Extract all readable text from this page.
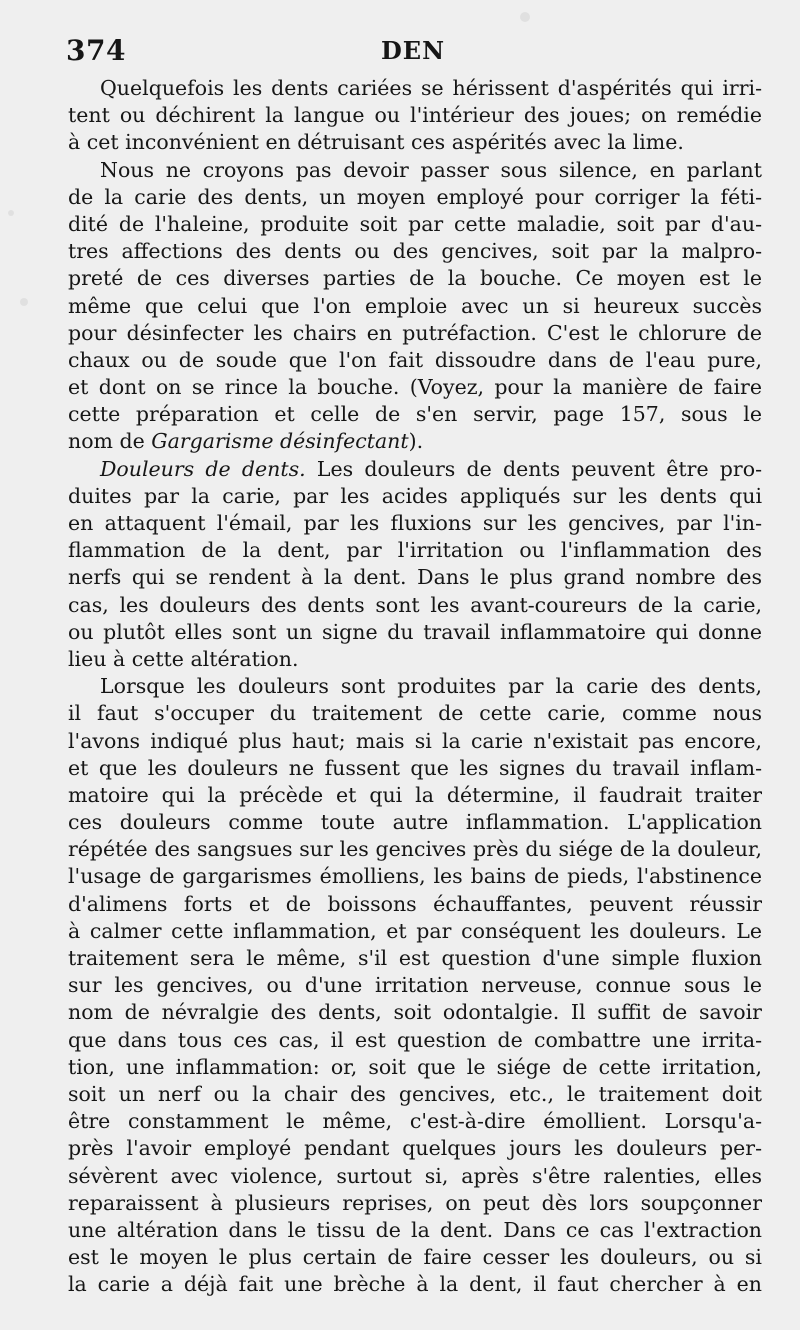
374	DEN
Quelquefois les dents cariées se hérissent d'aspérités qui irri-
tent ou déchirent la langue ou l'intérieur des joues; on remédie
à cet inconvénient en détruisant ces aspérités avec la lime.
Nous ne croyons pas devoir passer sous silence, en parlant
de la carie des dents, un moyen employé pour corriger la féti-
dité de l'haleine, produite soit par cette maladie, soit par d'au-
tres affections des dents ou des gencives, soit par la malpro-
preté de ces diverses parties de la bouche. Ce moyen est le
même que celui que l'on emploie avec un si heureux succès
pour désinfecter les chairs en putréfaction. C'est le chlorure de
chaux ou de soude que l'on fait dissoudre dans de l'eau pure,
et dont on se rince la bouche. (Voyez, pour la manière de faire
cette préparation et celle de s'en servir, page 157, sous le
nom de Gargarisme désinfectant).
Douleurs de dents. Les douleurs de dents peuvent être pro-
duites par la carie, par les acides appliqués sur les dents qui
en attaquent l'émail, par les fluxions sur les gencives, par l'in-
flammation de la dent, par l'irritation ou l'inflammation des
nerfs qui se rendent à la dent. Dans le plus grand nombre des
cas, les douleurs des dents sont les avant-coureurs de la carie,
ou plutôt elles sont un signe du travail inflammatoire qui donne
lieu à cette altération.
Lorsque les douleurs sont produites par la carie des dents,
il faut s'occuper du traitement de cette carie, comme nous
l'avons indiqué plus haut; mais si la carie n'existait pas encore,
et que les douleurs ne fussent que les signes du travail inflam-
matoire qui la précède et qui la détermine, il faudrait traiter
ces douleurs comme toute autre inflammation. L'application
répétée des sangsues sur les gencives près du siége de la douleur,
l'usage de gargarismes émolliens, les bains de pieds, l'abstinence
d'alimens forts et de boissons échauffantes, peuvent réussir
à calmer cette inflammation, et par conséquent les douleurs. Le
traitement sera le même, s'il est question d'une simple fluxion
sur les gencives, ou d'une irritation nerveuse, connue sous le
nom de névralgie des dents, soit odontalgie. Il suffit de savoir
que dans tous ces cas, il est question de combattre une irrita-
tion, une inflammation: or, soit que le siége de cette irritation,
soit un nerf ou la chair des gencives, etc., le traitement doit
être constamment le même, c'est-à-dire émollient. Lorsqu'a-
près l'avoir employé pendant quelques jours les douleurs per-
sévèrent avec violence, surtout si, après s'être ralenties, elles
reparaissent à plusieurs reprises, on peut dès lors soupçonner
une altération dans le tissu de la dent. Dans ce cas l'extraction
est le moyen le plus certain de faire cesser les douleurs, ou si
la carie a déjà fait une brèche à la dent, il faut chercher à en
